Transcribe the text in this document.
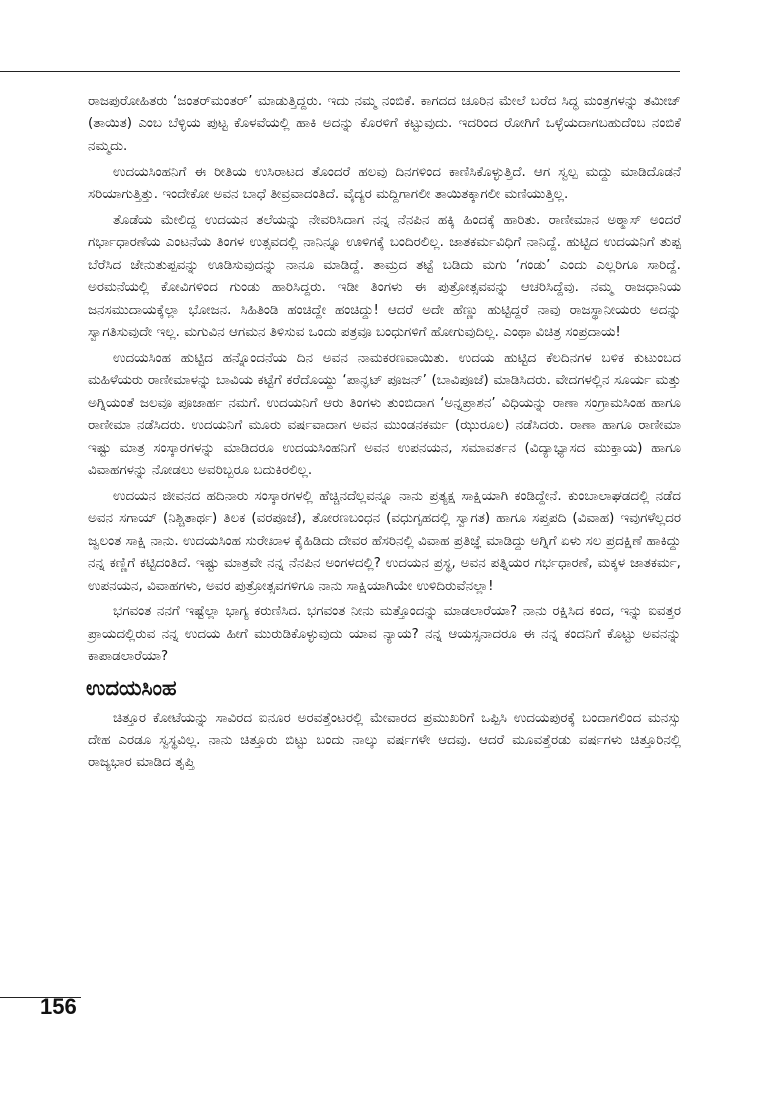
ರಾಜಪುರೋಹಿತರು ‘ಜಂತರ್‌ಮಂತರ್’ ಮಾಡುತ್ತಿದ್ದರು. ಇದು ನಮ್ಮ ನಂಬಿಕೆ. ಕಾಗದದ ಚೂರಿನ ಮೇಲೆ ಬರೆದ ಸಿದ್ಧ ಮಂತ್ರಗಳನ್ನು ತಮೀಜ್ (ತಾಯಿತ) ಎಂಬ ಬೆಳ್ಳಿಯ ಪುಟ್ಟ ಕೊಳವೆಯಲ್ಲಿ ಹಾಕಿ ಅದನ್ನು ಕೊರಳಿಗೆ ಕಟ್ಟುವುದು. ಇದರಿಂದ ರೋಗಿಗೆ ಒಳ್ಳೆಯದಾಗಬಹುದೆಂಬ ನಂಬಿಕೆ ನಮ್ಮದು.

ಉದಯಸಿಂಹನಿಗೆ ಈ ರೀತಿಯ ಉಸಿರಾಟದ ತೊಂದರೆ ಹಲವು ದಿನಗಳಿಂದ ಕಾಣಿಸಿಕೊಳ್ಳುತ್ತಿದೆ. ಆಗ ಸ್ವಲ್ಪ ಮದ್ದು ಮಾಡಿದೊಡನೆ ಸರಿಯಾಗುತ್ತಿತ್ತು. ಇಂದೇಕೋ ಅವನ ಬಾಧೆ ತೀವ್ರವಾದಂತಿದೆ. ವೈದ್ಯರ ಮದ್ದಿಗಾಗಲೀ ತಾಯಿತಕ್ಕಾಗಲೀ ಮಣಿಯುತ್ತಿಲ್ಲ.

ತೊಡೆಯ ಮೇಲಿದ್ದ ಉದಯನ ತಲೆಯನ್ನು ನೇವರಿಸಿದಾಗ ನನ್ನ ನೆನಪಿನ ಹಕ್ಕಿ ಹಿಂದಕ್ಕೆ ಹಾರಿತು. ರಾಣೀಮಾನ ಅಠ್ಮಾಸ್ ಅಂದರೆ ಗರ್ಭಾಧಾರಣೆಯ ಎಂಟನೆಯ ತಿಂಗಳ ಉತ್ಸವದಲ್ಲಿ ನಾನಿನ್ನೂ ಊಳಿಗಕ್ಕೆ ಬಂದಿರಲಿಲ್ಲ. ಜಾತಕರ್ಮವಿಧಿಗೆ ನಾನಿದ್ದೆ. ಹುಟ್ಟಿದ ಉದಯನಿಗೆ ತುಪ್ಪ ಬೆರೆಸಿದ ಜೇನುತುಪ್ಪವನ್ನು ಊಡಿಸುವುದನ್ನು ನಾನೂ ಮಾಡಿದ್ದೆ. ತಾಮ್ರದ ತಟ್ಟೆ ಬಡಿದು ಮಗು ‘ಗಂಡು’ ಎಂದು ಎಲ್ಲರಿಗೂ ಸಾರಿದ್ದೆ. ಅರಮನೆಯಲ್ಲಿ ಕೋವಿಗಳಿಂದ ಗುಂಡು ಹಾರಿಸಿದ್ದರು. ಇಡೀ ತಿಂಗಳು ಈ ಪುತ್ರೋತ್ಸವವನ್ನು ಆಚರಿಸಿದ್ದೆವು. ನಮ್ಮ ರಾಜಧಾನಿಯ ಜನಸಮುದಾಯಕ್ಕೆಲ್ಲಾ ಭೋಜನ. ಸಿಹಿತಿಂಡಿ ಹಂಚಿದ್ದೇ ಹಂಚಿದ್ದು! ಆದರೆ ಅದೇ ಹೆಣ್ಣು ಹುಟ್ಟಿದ್ದರೆ ನಾವು ರಾಜಸ್ಥಾನೀಯರು ಅದನ್ನು ಸ್ವಾಗತಿಸುವುದೇ ಇಲ್ಲ. ಮಗುವಿನ ಆಗಮನ ತಿಳಿಸುವ ಒಂದು ಪತ್ರವೂ ಬಂಧುಗಳಿಗೆ ಹೋಗುವುದಿಲ್ಲ. ಎಂಥಾ ವಿಚಿತ್ರ ಸಂಪ್ರದಾಯ!

ಉದಯಸಿಂಹ ಹುಟ್ಟಿದ ಹನ್ನೊಂದನೆಯ ದಿನ ಅವನ ನಾಮಕರಣವಾಯಿತು. ಉದಯ ಹುಟ್ಟಿದ ಕೆಲದಿನಗಳ ಬಳಿಕ ಕುಟುಂಬದ ಮಹಿಳೆಯರು ರಾಣೀಮಾಳನ್ನು ಬಾವಿಯ ಕಟ್ಟೆಗೆ ಕರೆದೊಯ್ದು ‘ಪಾನ್ಘಟ್ ಪೂಜನ್’ (ಬಾವಿಪೂಜೆ) ಮಾಡಿಸಿದರು. ವೇದಗಳಲ್ಲಿನ ಸೂರ್ಯ ಮತ್ತು ಅಗ್ನಿಯಂತೆ ಜಲವೂ ಪೂಜಾರ್ಹ ನಮಗೆ. ಉದಯನಿಗೆ ಆರು ತಿಂಗಳು ತುಂಬಿದಾಗ ‘ಅನ್ನಪ್ರಾಶನ’ ವಿಧಿಯನ್ನು ರಾಣಾ ಸಂಗ್ರಾಮಸಿಂಹ ಹಾಗೂ ರಾಣೀಮಾ ನಡೆಸಿದರು. ಉದಯನಿಗೆ ಮೂರು ವರ್ಷವಾದಾಗ ಅವನ ಮುಂಡನಕರ್ಮ (ಝುರೂಲ) ನಡೆಸಿದರು. ರಾಣಾ ಹಾಗೂ ರಾಣೀಮಾ ಇಷ್ಟು ಮಾತ್ರ ಸಂಸ್ಕಾರಗಳನ್ನು ಮಾಡಿದರೂ ಉದಯಸಿಂಹನಿಗೆ ಅವನ ಉಪನಯನ, ಸಮಾವರ್ತನ (ವಿದ್ಯಾಭ್ಯಾಸದ ಮುಕ್ತಾಯ) ಹಾಗೂ ವಿವಾಹಗಳನ್ನು ನೋಡಲು ಅವರಿಬ್ಬರೂ ಬದುಕಿರಲಿಲ್ಲ.

ಉದಯನ ಜೀವನದ ಹದಿನಾರು ಸಂಸ್ಕಾರಗಳಲ್ಲಿ ಹೆಚ್ಚಿನದೆಲ್ಲವನ್ನೂ ನಾನು ಪ್ರತ್ಯಕ್ಷ ಸಾಕ್ಷಿಯಾಗಿ ಕಂಡಿದ್ದೇನೆ. ಕುಂಬಾಲಾಘಡದಲ್ಲಿ ನಡೆದ ಅವನ ಸಗಾಯ್ (ನಿಶ್ಚಿತಾರ್ಥ) ತಿಲಕ (ವರಪೂಜೆ), ತೋರಣಬಂಧನ (ವಧುಗೃಹದಲ್ಲಿ ಸ್ವಾಗತ) ಹಾಗೂ ಸಪ್ತಪದಿ (ವಿವಾಹ) ಇವುಗಳೆಲ್ಲದರ ಜ್ವಲಂತ ಸಾಕ್ಷಿ ನಾನು. ಉದಯಸಿಂಹ ಸುರೇಖಾಳ ಕೈಹಿಡಿದು ದೇವರ ಹೆಸರಿನಲ್ಲಿ ವಿವಾಹ ಪ್ರತಿಜ್ಞೆ ಮಾಡಿದ್ದು ಅಗ್ನಿಗೆ ಏಳು ಸಲ ಪ್ರದಕ್ಷಿಣೆ ಹಾಕಿದ್ದು ನನ್ನ ಕಣ್ಣಿಗೆ ಕಟ್ಟಿದಂತಿದೆ. ಇಷ್ಟು ಮಾತ್ರವೇ ನನ್ನ ನೆನಪಿನ ಅಂಗಳದಲ್ಲಿ? ಉದಯನ ಪ್ರಸ್ಥ, ಅವನ ಪತ್ನಿಯರ ಗರ್ಭಧಾರಣೆ, ಮಕ್ಕಳ ಜಾತಕರ್ಮ, ಉಪನಯನ, ವಿವಾಹಗಳು, ಅವರ ಪುತ್ರೋತ್ಸವಗಳಿಗೂ ನಾನು ಸಾಕ್ಷಿಯಾಗಿಯೇ ಉಳಿದಿರುವೆನಲ್ಲಾ!

ಭಗವಂತ ನನಗೆ ಇಷ್ಟೆಲ್ಲಾ ಭಾಗ್ಯ ಕರುಣಿಸಿದ. ಭಗವಂತ ನೀನು ಮತ್ತೊಂದನ್ನು ಮಾಡಲಾರೆಯಾ? ನಾನು ರಕ್ಷಿಸಿದ ಕಂದ, ಇನ್ನು ಐವತ್ತರ ಪ್ರಾಯದಲ್ಲಿರುವ ನನ್ನ ಉದಯ ಹೀಗೆ ಮುರುಡಿಕೊಳ್ಳುವುದು ಯಾವ ನ್ಯಾಯ? ನನ್ನ ಆಯಸ್ಸನಾದರೂ ಈ ನನ್ನ ಕಂದನಿಗೆ ಕೊಟ್ಟು ಅವನನ್ನು ಕಾಪಾಡಲಾರೆಯಾ?

ಉದಯಸಿಂಹ

ಚಿತ್ತೂರ ಕೋಟೆಯನ್ನು ಸಾವಿರದ ಐನೂರ ಅರವತ್ತೆಂಟರಲ್ಲಿ ಮೇವಾರದ ಪ್ರಮುಖರಿಗೆ ಒಪ್ಪಿಸಿ ಉದಯಪುರಕ್ಕೆ ಬಂದಾಗಲಿಂದ ಮನಸ್ಸು ದೇಹ ಎರಡೂ ಸ್ವಸ್ಥವಿಲ್ಲ. ನಾನು ಚಿತ್ತೂರು ಬಿಟ್ಟು ಬಂದು ನಾಲ್ಕು ವರ್ಷಗಳೇ ಆದವು. ಆದರೆ ಮೂವತ್ತೆರಡು ವರ್ಷಗಳು ಚಿತ್ತೂರಿನಲ್ಲಿ ರಾಜ್ಯಭಾರ ಮಾಡಿದ ತೃಪ್ತಿ

156
